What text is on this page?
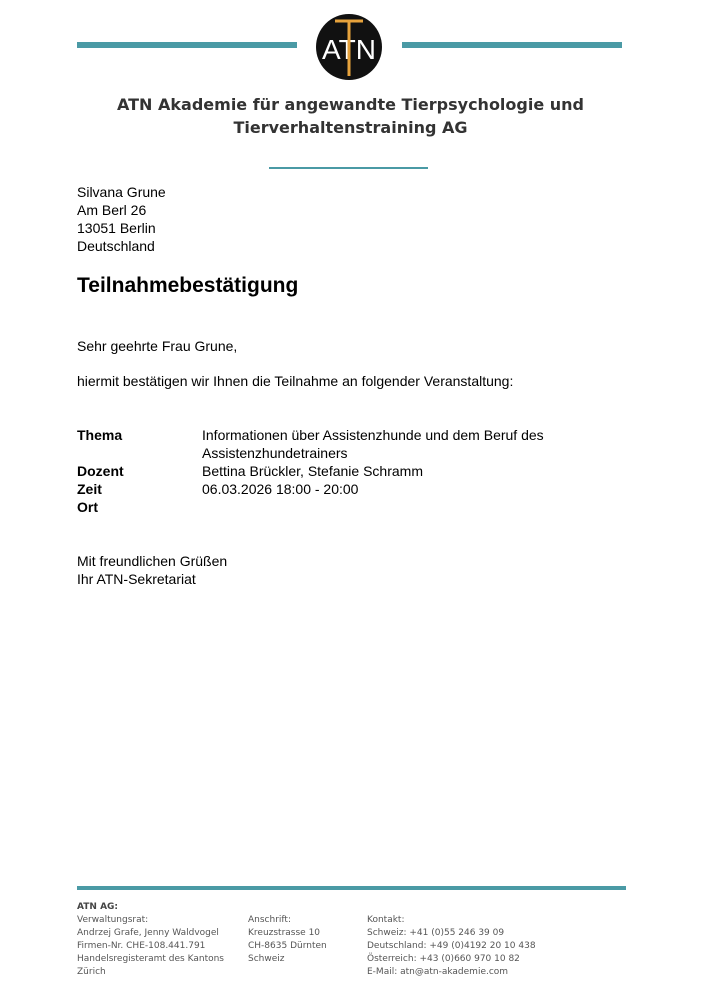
ATN
ATN Akademie für angewandte Tierpsychologie und
Tierverhaltenstraining AG
Silvana Grune
Am Berl 26
13051 Berlin
Deutschland
Teilnahmebestätigung
Sehr geehrte Frau Grune,
hiermit bestätigen wir Ihnen die Teilnahme an folgender Veranstaltung:
Thema	Informationen über Assistenzhunde und dem Beruf des Assistenzhundetrainers
Dozent	Bettina Brückler, Stefanie Schramm
Zeit	06.03.2026 18:00 - 20:00
Ort
Mit freundlichen Grüßen
Ihr ATN-Sekretariat
ATN AG:
Verwaltungsrat:
Andrzej Grafe, Jenny Waldvogel
Firmen-Nr. CHE-108.441.791
Handelsregisteramt des Kantons
Zürich
Anschrift:
Kreuzstrasse 10
CH-8635 Dürnten
Schweiz
Kontakt:
Schweiz: +41 (0)55 246 39 09
Deutschland: +49 (0)4192 20 10 438
Österreich: +43 (0)660 970 10 82
E-Mail: atn@atn-akademie.com
